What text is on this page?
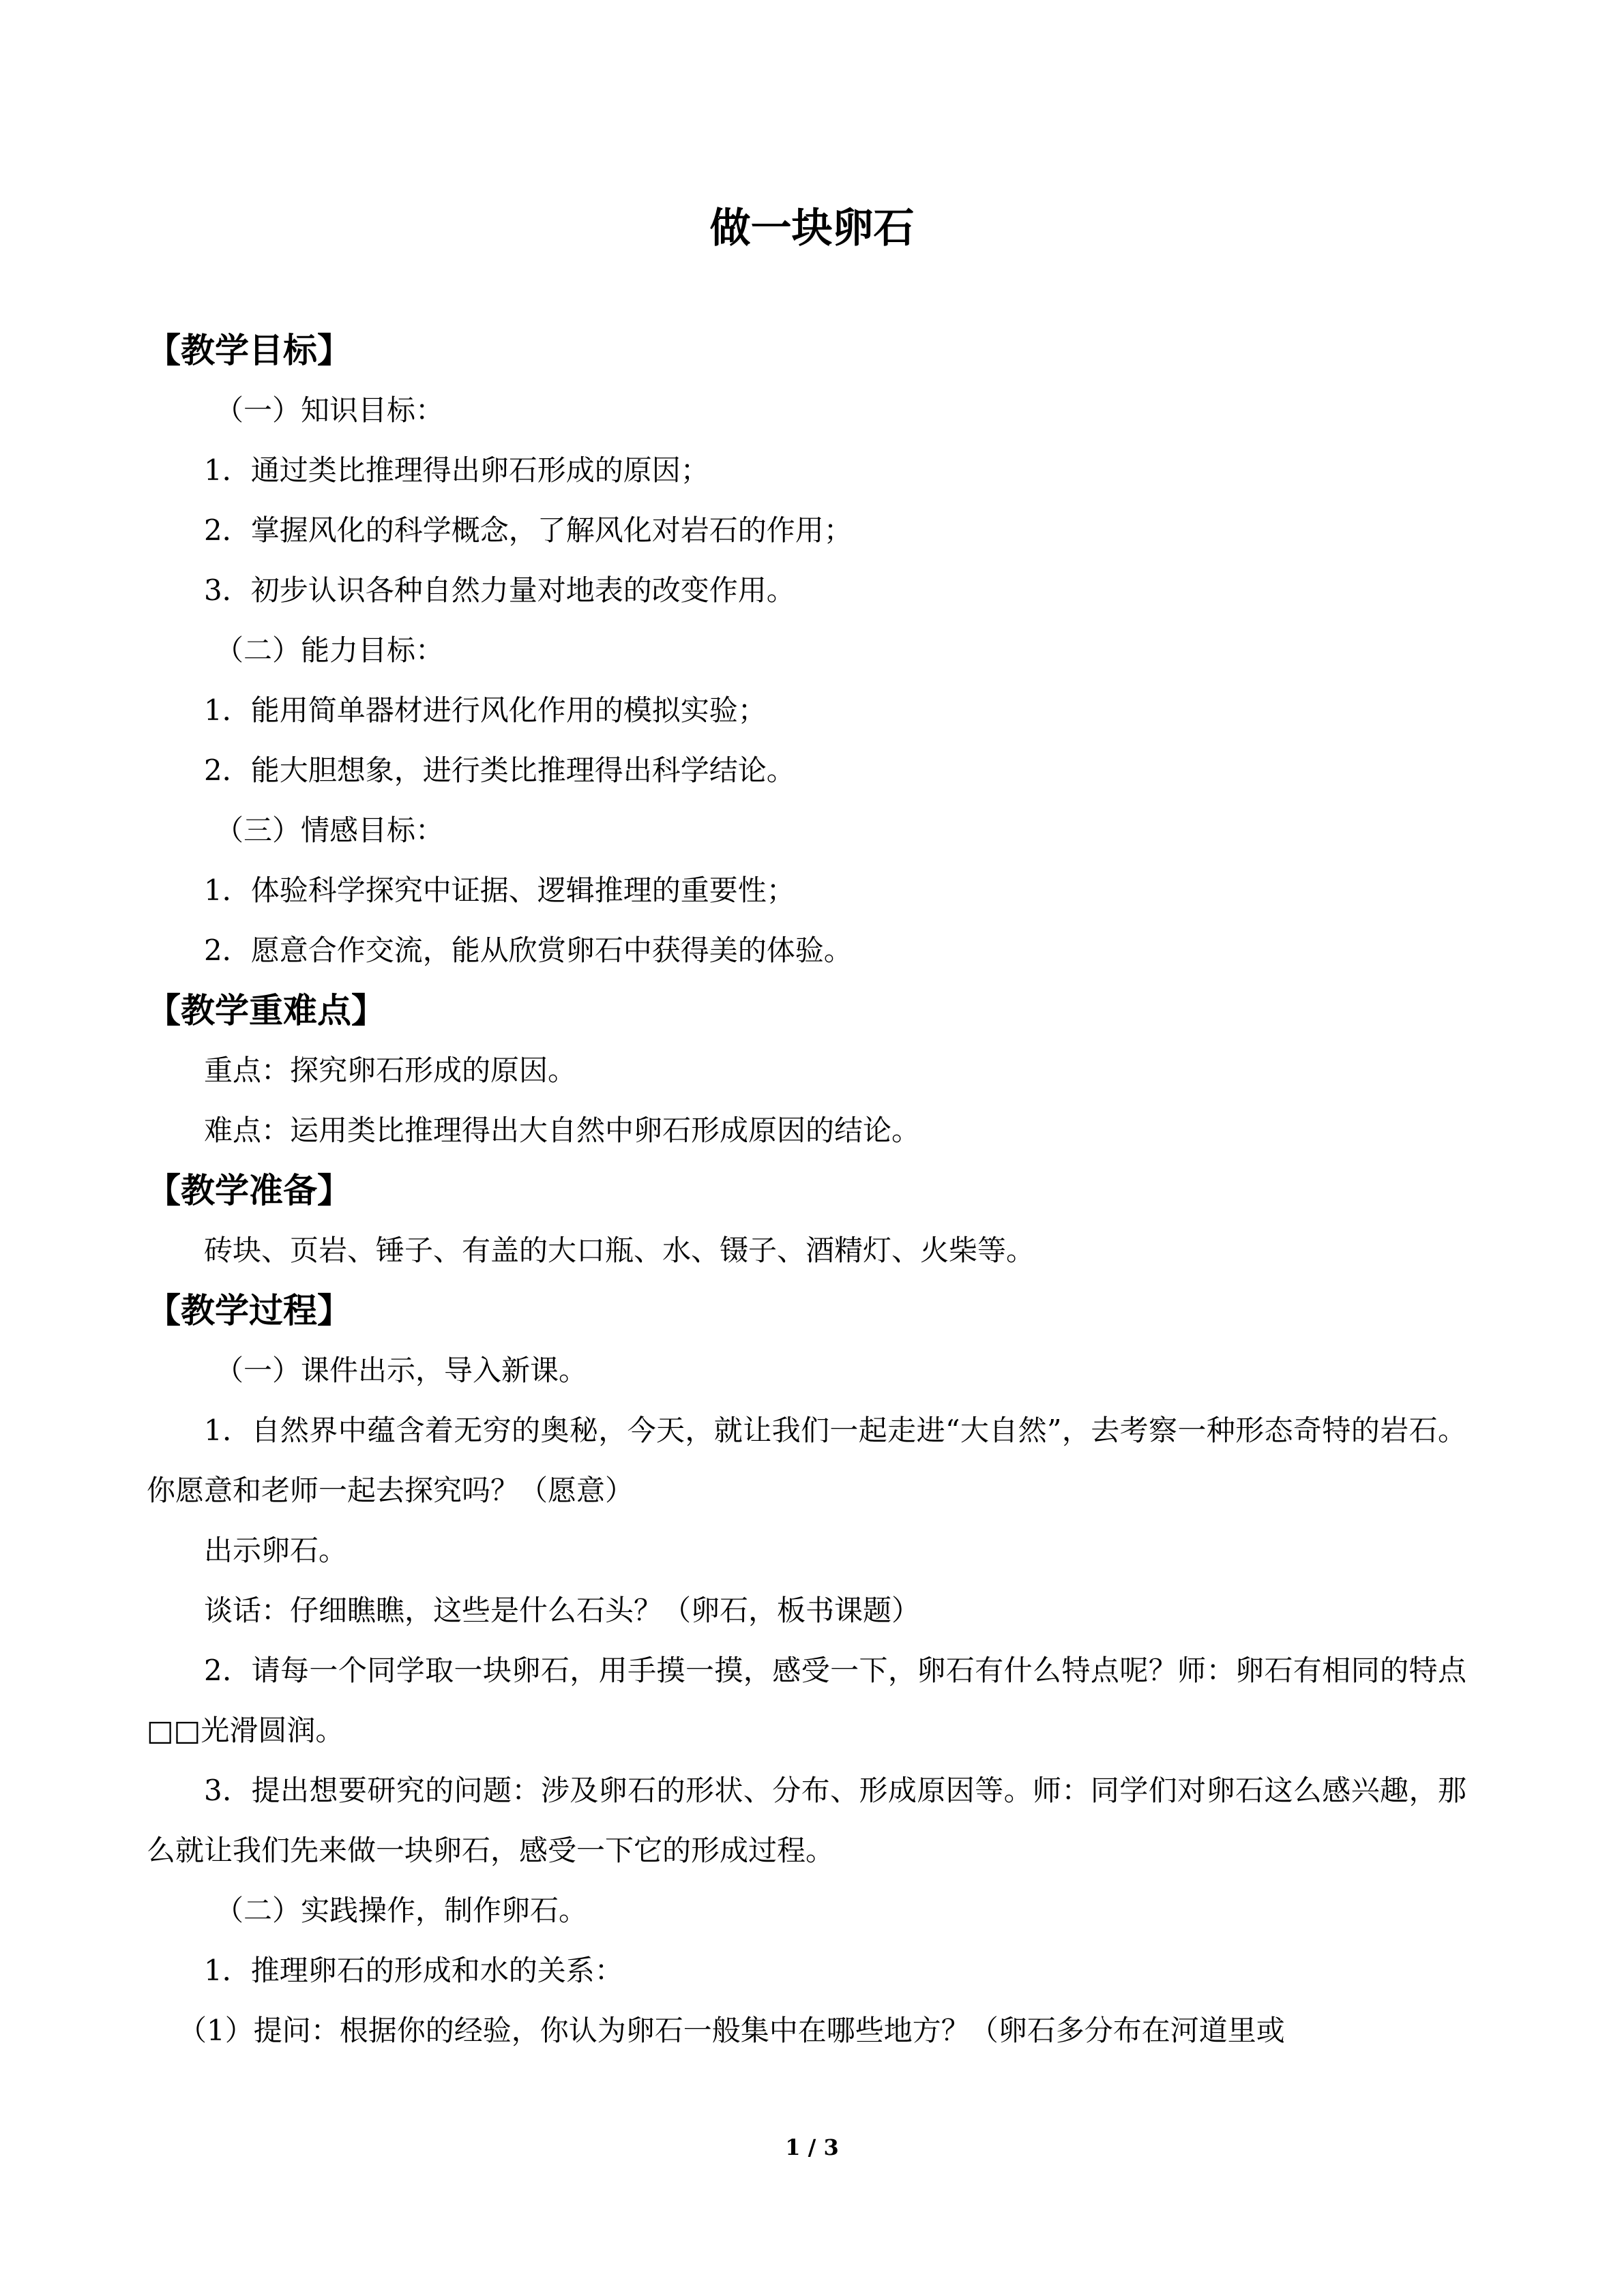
做一块卵石
【教学目标】
（一）知识目标：
1．通过类比推理得出卵石形成的原因；
2．掌握风化的科学概念，了解风化对岩石的作用；
3．初步认识各种自然力量对地表的改变作用。
（二）能力目标：
1．能用简单器材进行风化作用的模拟实验；
2．能大胆想象，进行类比推理得出科学结论。
（三）情感目标：
1．体验科学探究中证据、逻辑推理的重要性；
2．愿意合作交流，能从欣赏卵石中获得美的体验。
【教学重难点】
重点：探究卵石形成的原因。
难点：运用类比推理得出大自然中卵石形成原因的结论。
【教学准备】
砖块、页岩、锤子、有盖的大口瓶、水、镊子、酒精灯、火柴等。
【教学过程】
（一）课件出示，导入新课。
1．自然界中蕴含着无穷的奥秘，今天，就让我们一起走进“大自然”，去考察一种形态奇特的岩石。你愿意和老师一起去探究吗？（愿意）
出示卵石。
谈话：仔细瞧瞧，这些是什么石头？（卵石，板书课题）
2．请每一个同学取一块卵石，用手摸一摸，感受一下，卵石有什么特点呢？师：卵石有相同的特点□□光滑圆润。
3．提出想要研究的问题：涉及卵石的形状、分布、形成原因等。师：同学们对卵石这么感兴趣，那么就让我们先来做一块卵石，感受一下它的形成过程。
（二）实践操作，制作卵石。
1．推理卵石的形成和水的关系：
（1）提问：根据你的经验，你认为卵石一般集中在哪些地方？（卵石多分布在河道里或
1 / 3
